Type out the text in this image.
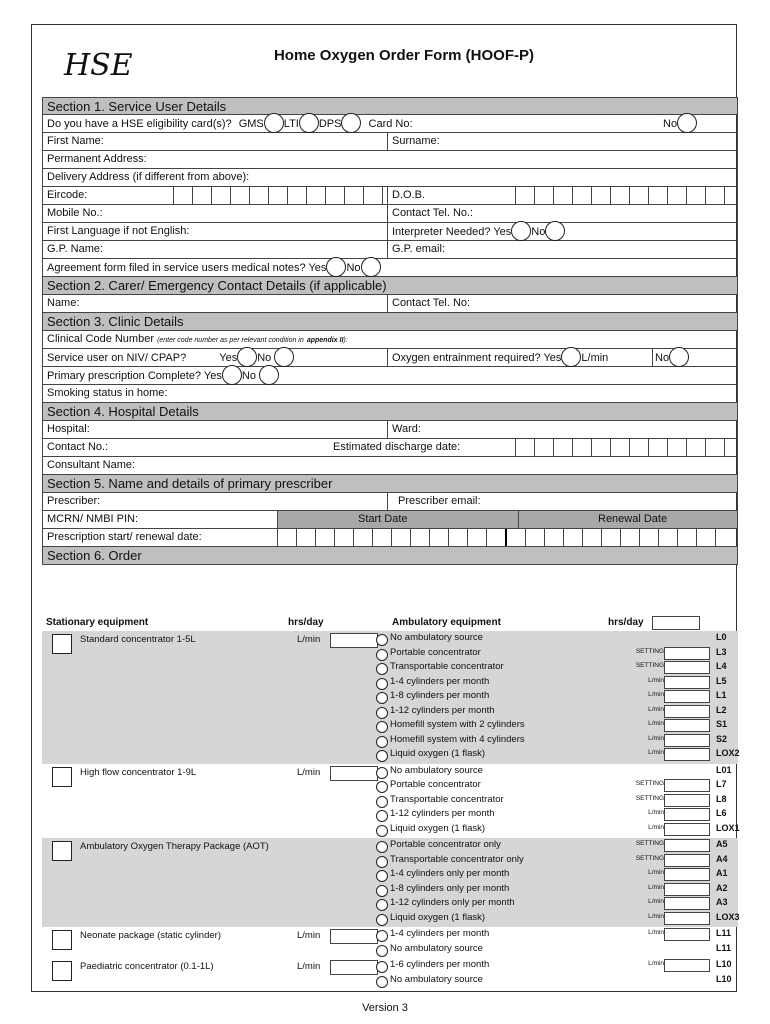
HSE	Home Oxygen Order Form (HOOF-P)
Section 1. Service User Details
Do you have a HSE eligibility card(s)? GMS LTI DPS Card No:	No
First Name:	Surname:
Permanent Address:
Delivery Address (if different from above):
Eircode:	D.O.B.
Mobile No.:	Contact Tel. No.:
First Language if not English:	Interpreter Needed? Yes No
G.P. Name:	G.P. email:
Agreement form filed in service users medical notes? Yes No
Section 2. Carer/ Emergency Contact Details (if applicable)
Name:	Contact Tel. No:
Section 3. Clinic Details
Clinical Code Number (enter code number as per relevant condition in appendix II):
Service user on NIV/ CPAP?	Yes No	Oxygen entrainment required? Yes L/min	No
Primary prescription Complete? Yes No
Smoking status in home:
Section 4. Hospital Details
Hospital:	Ward:
Contact No.:	Estimated discharge date:
Consultant Name:
Section 5. Name and details of primary prescriber
Prescriber:	Prescriber email:
MCRN/ NMBI PIN:	Start Date	Renewal Date
Prescription start/ renewal date:
Section 6. Order
Stationary equipment	hrs/day	Ambulatory equipment	hrs/day
Standard concentrator 1-5L	L/min	No ambulatory source	L0
Portable concentrator	SETTING	L3
Transportable concentrator	SETTING	L4
1-4 cylinders per month	L/min	L5
1-8 cylinders per month	L/min	L1
1-12 cylinders per month	L/min	L2
Homefill system with 2 cylinders	L/min	S1
Homefill system with 4 cylinders	L/min	S2
Liquid oxygen (1 flask)	L/min	LOX2
High flow concentrator 1-9L	L/min	No ambulatory source	L01
Portable concentrator	SETTING	L7
Transportable concentrator	SETTING	L8
1-12 cylinders per month	L/min	L6
Liquid oxygen (1 flask)	L/min	LOX1
Ambulatory Oxygen Therapy Package (AOT)	Portable concentrator only	SETTING	A5
Transportable concentrator only	SETTING	A4
1-4 cylinders only per month	L/min	A1
1-8 cylinders only per month	L/min	A2
1-12 cylinders only per month	L/min	A3
Liquid oxygen (1 flask)	L/min	LOX3
Neonate package (static cylinder)	L/min	1-4 cylinders per month	L/min	L11
No ambulatory source	L11
Paediatric concentrator (0.1-1L)	L/min	1-6 cylinders per month	L/min	L10
No ambulatory source	L10
Version 3
